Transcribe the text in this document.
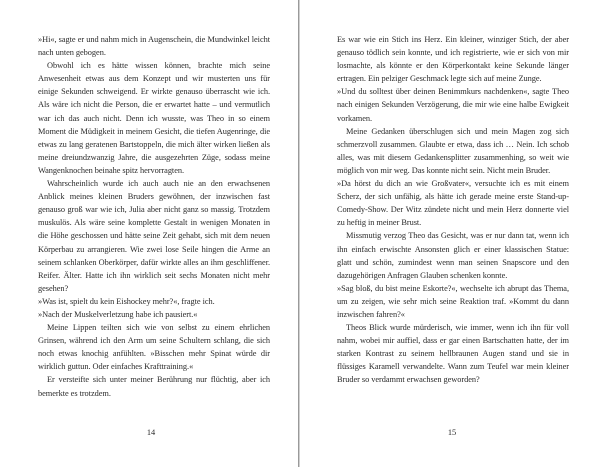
»Hi«, sagte er und nahm mich in Augenschein, die Mundwinkel leicht nach unten gebogen.

Obwohl ich es hätte wissen können, brachte mich seine Anwesenheit etwas aus dem Konzept und wir musterten uns für einige Sekunden schweigend. Er wirkte genauso überrascht wie ich. Als wäre ich nicht die Person, die er erwartet hatte – und vermutlich war ich das auch nicht. Denn ich wusste, was Theo in so einem Moment die Müdigkeit in meinem Gesicht, die tiefen Augenringe, die etwas zu lang geratenen Bartstoppeln, die mich älter wirken ließen als meine dreiundzwanzig Jahre, die ausgezehrten Züge, sodass meine Wangenknochen beinahe spitz hervorragten.

Wahrscheinlich wurde ich auch auch nie an den erwachsenen Anblick meines kleinen Bruders gewöhnen, der inzwischen fast genauso groß war wie ich, Julia aber nicht ganz so massig. Trotzdem muskulös. Als wäre seine komplette Gestalt in wenigen Monaten in die Höhe geschossen und hätte seine Zeit gehabt, sich mit dem neuen Körperbau zu arrangieren. Wie zwei lose Seile hingen die Arme an seinem schlanken Oberkörper, dafür wirkte alles an ihm geschliffener. Reifer. Älter. Hatte ich ihn wirklich seit sechs Monaten nicht mehr gesehen?

»Was ist, spielt du kein Eishockey mehr?«, fragte ich.

»Nach der Muskelverletzung habe ich pausiert.«

Meine Lippen teilten sich wie von selbst zu einem ehrlichen Grinsen, während ich den Arm um seine Schultern schlang, die sich noch etwas knochig anfühlten. »Bisschen mehr Spinat würde dir wirklich guttun. Oder einfaches Krafttraining.«

Er versteifte sich unter meiner Berührung nur flüchtig, aber ich bemerkte es trotzdem.

14

Es war wie ein Stich ins Herz. Ein kleiner, winziger Stich, der aber genauso tödlich sein konnte, und ich registrierte, wie er sich von mir losmachte, als könnte er den Körperkontakt keine Sekunde länger ertragen. Ein pelziger Geschmack legte sich auf meine Zunge.

»Und du solltest über deinen Benimmkurs nachdenken«, sagte Theo nach einigen Sekunden Verzögerung, die mir wie eine halbe Ewigkeit vorkamen.

Meine Gedanken überschlugen sich und mein Magen zog sich schmerzvoll zusammen. Glaubte er etwa, dass ich … Nein. Ich schob alles, was mit diesem Gedankensplitter zusammenhing, so weit wie möglich von mir weg. Das konnte nicht sein. Nicht mein Bruder.

»Da hörst du dich an wie Großvater«, versuchte ich es mit einem Scherz, der sich unfähig, als hätte ich gerade meine erste Stand-up-Comedy-Show. Der Witz zündete nicht und mein Herz donnerte viel zu heftig in meiner Brust.

Missmutig verzog Theo das Gesicht, was er nur dann tat, wenn ich ihn einfach erwischte Ansonsten glich er einer klassischen Statue: glatt und schön, zumindest wenn man seinen Snapscore und den dazugehörigen Anfragen Glauben schenken konnte.

»Sag bloß, du bist meine Eskorte?«, wechselte ich abrupt das Thema, um zu zeigen, wie sehr mich seine Reaktion traf. »Kommt du dann inzwischen fahren?«

Theos Blick wurde mürderisch, wie immer, wenn ich ihn für voll nahm, wobei mir auffiel, dass er gar einen Bartschatten hatte, der im starken Kontrast zu seinem hellbraunen Augen stand und sie in flüssiges Karamell verwandelte. Wann zum Teufel war mein kleiner Bruder so verdammt erwachsen geworden?

15
